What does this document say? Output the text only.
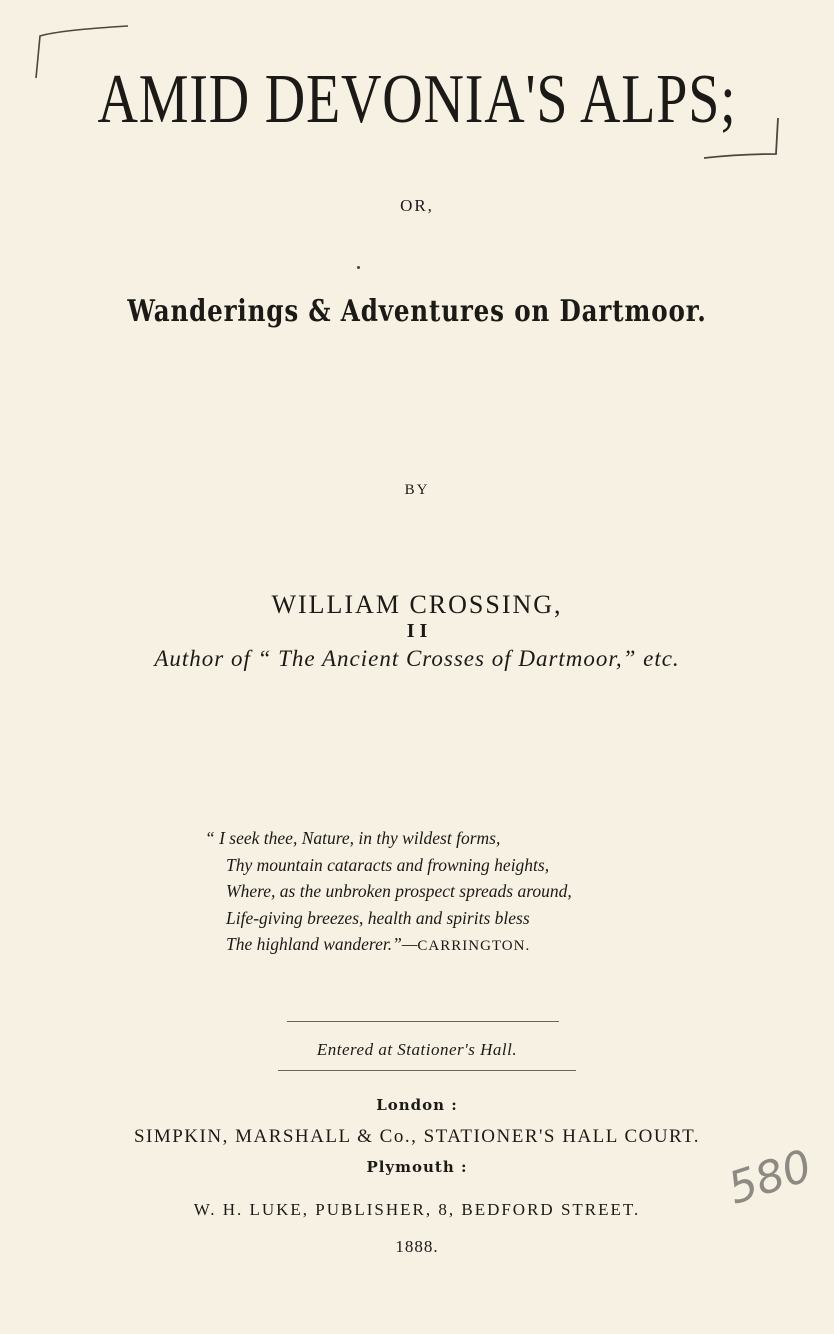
AMID DEVONIA'S ALPS;
OR,
Wanderings & Adventures on Dartmoor.
BY
WILLIAM CROSSING,
I I
Author of “ The Ancient Crosses of Dartmoor,” etc.
“ I seek thee, Nature, in thy wildest forms,
Thy mountain cataracts and frowning heights,
Where, as the unbroken prospect spreads around,
Life-giving breezes, health and spirits bless
The highland wanderer.”—CARRINGTON.
Entered at Stationer's Hall.
London :
SIMPKIN, MARSHALL & Co., STATIONER'S HALL COURT.
Plymouth :
W. H. LUKE, PUBLISHER, 8, BEDFORD STREET.
1888.
580
